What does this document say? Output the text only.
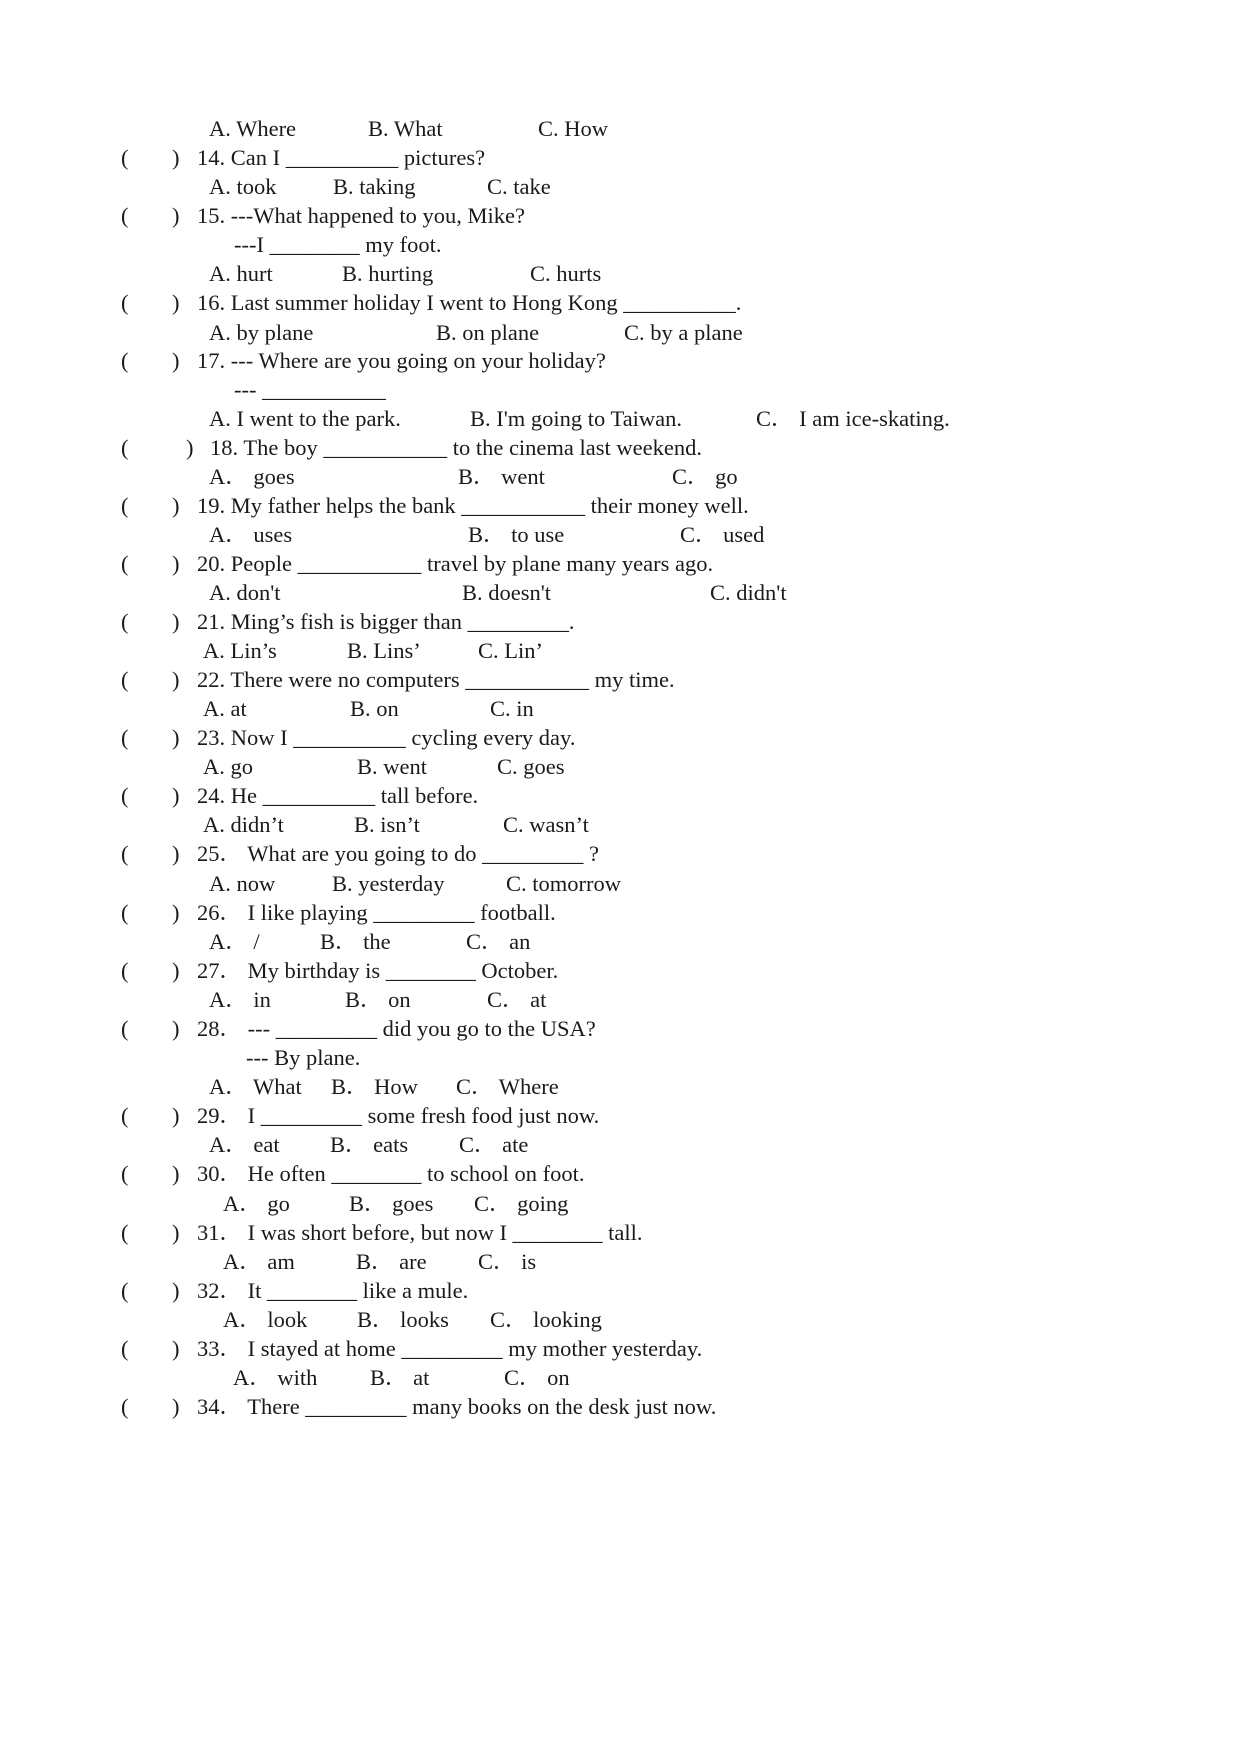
A. Where	B. What	C. How
( ) 14. Can I __________ pictures?
A. took	B. taking	C. take
( ) 15. ---What happened to you, Mike?
---I ________ my foot.
A. hurt	B. hurting	C. hurts
( ) 16. Last summer holiday I went to Hong Kong __________.
A. by plane	B. on plane	C. by a plane
( ) 17. --- Where are you going on your holiday?
--- ___________
A. I went to the park.	B. I'm going to Taiwan.	C． I am ice-skating.
(	) 18. The boy ___________ to the cinema last weekend.
A． goes	B． went	C． go
( ) 19. My father helps the bank ___________ their money well.
A． uses	B． to use	C． used
( ) 20. People ___________ travel by plane many years ago.
A. don't	B. doesn't	C. didn't
( ) 21. Ming’s fish is bigger than _________.
A. Lin’s	B. Lins’	C. Lin’
( ) 22. There were no computers ___________ my time.
A. at	B. on	C. in
( ) 23. Now I __________ cycling every day.
A. go	B. went	C. goes
( ) 24. He __________ tall before.
A. didn’t	B. isn’t	C. wasn’t
( ) 25． What are you going to do _________ ?
A. now	B. yesterday	C. tomorrow
( ) 26． I like playing _________ football.
A． /	B． the	C． an
( ) 27． My birthday is ________ October.
A． in	B． on	C． at
( ) 28． --- _________ did you go to the USA?
--- By plane.
A． What B． How C． Where
( ) 29． I _________ some fresh food just now.
A． eat B． eats C． ate
( ) 30． He often ________ to school on foot.
A． go	B． goes C． going
( ) 31． I was short before, but now I ________ tall.
A． am	B． are C． is
( ) 32． It ________ like a mule.
A． look B． looks C． looking
( ) 33． I stayed at home _________ my mother yesterday.
A． with B． at	C． on
( ) 34． There _________ many books on the desk just now.
